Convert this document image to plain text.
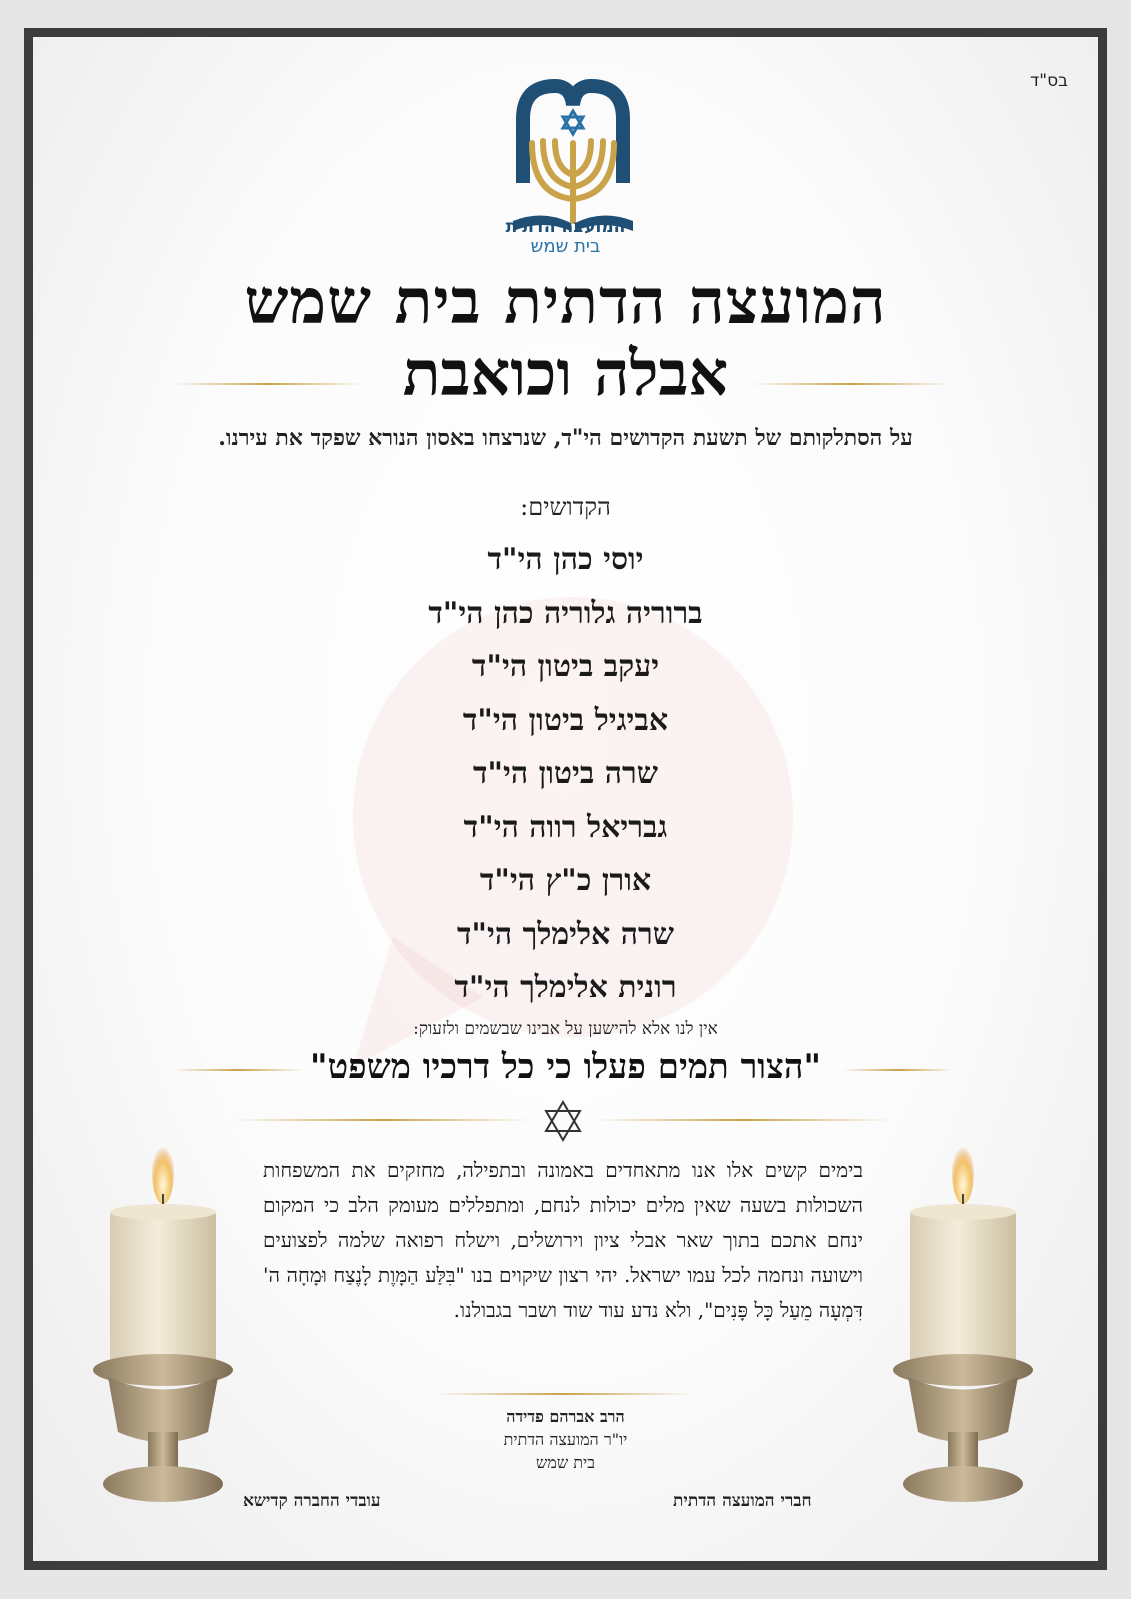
בס"ד
המועצה הדתית
בית שמש
המועצה הדתית בית שמש
אבלה וכואבת
על הסתלקותם של תשעת הקדושים הי"ד, שנרצחו באסון הנורא שפקד את עירנו.
הקדושים:
יוסי כהן הי"ד
ברוריה גלוריה כהן הי"ד
יעקב ביטון הי"ד
אביגיל ביטון הי"ד
שרה ביטון הי"ד
גבריאל רווה הי"ד
אורן כ"ץ הי"ד
שרה אלימלך הי"ד
רונית אלימלך הי"ד
אין לנו אלא להישען על אבינו שבשמים ולזעוק:
"הצור תמים פעלו כי כל דרכיו משפט"
בימים קשים אלו אנו מתאחדים באמונה ובתפילה, מחזקים את המשפחות השכולות בשעה שאין מלים יכולות לנחם, ומתפללים מעומק הלב כי המקום ינחם אתכם בתוך שאר אבלי ציון וירושלים, וישלח רפואה שלמה לפצועים וישועה ונחמה לכל עמו ישראל. יהי רצון שיקוים בנו "בִּלַּע הַמָּוֶת לָנֶצַח וּמָחָה ה' דִּמְעָה מֵעַל כָּל פָּנִים", ולא נדע עוד שוד ושבר בגבולנו.
הרב אברהם פדידה
יו"ר המועצה הדתית
בית שמש
עובדי החברה קדישא	חברי המועצה הדתית
